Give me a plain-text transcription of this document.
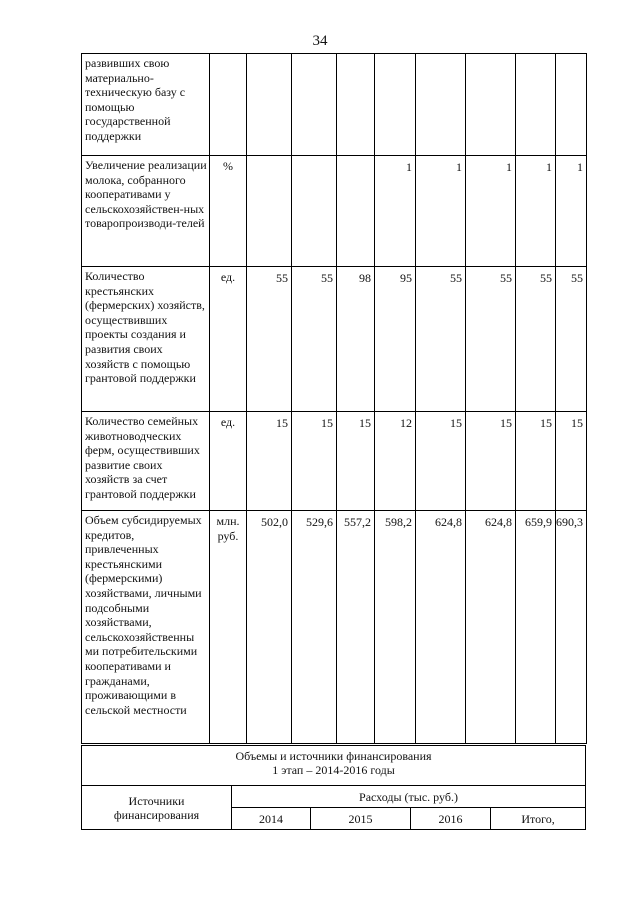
34
развивших свою материально-техническую базу с помощью государственной поддержки									
Увеличение реализации молока, собранного кооперативами у сельскохозяйствен-ных товаропроизводи-телей	%				1	1	1	1	1
Количество крестьянских (фермерских) хозяйств, осуществивших проекты создания и развития своих хозяйств с помощью грантовой поддержки	ед.	55	55	98	95	55	55	55	55
Количество семейных животноводческих ферм, осуществивших развитие своих хозяйств за счет грантовой поддержки	ед.	15	15	15	12	15	15	15	15
Объем субсидируемых кредитов, привлеченных крестьянскими (фермерскими) хозяйствами, личными подсобными хозяйствами, сельскохозяйственны ми потребительскими кооперативами и гражданами, проживающими в сельской местности	млн. руб.	502,0	529,6	557,2	598,2	624,8	624,8	659,9	690,3
Объемы и источники финансирования
1 этап – 2014-2016 годы				

Источники финансирования	Расходы (тыс. руб.)			
	2014	2015	2016	Итого,
